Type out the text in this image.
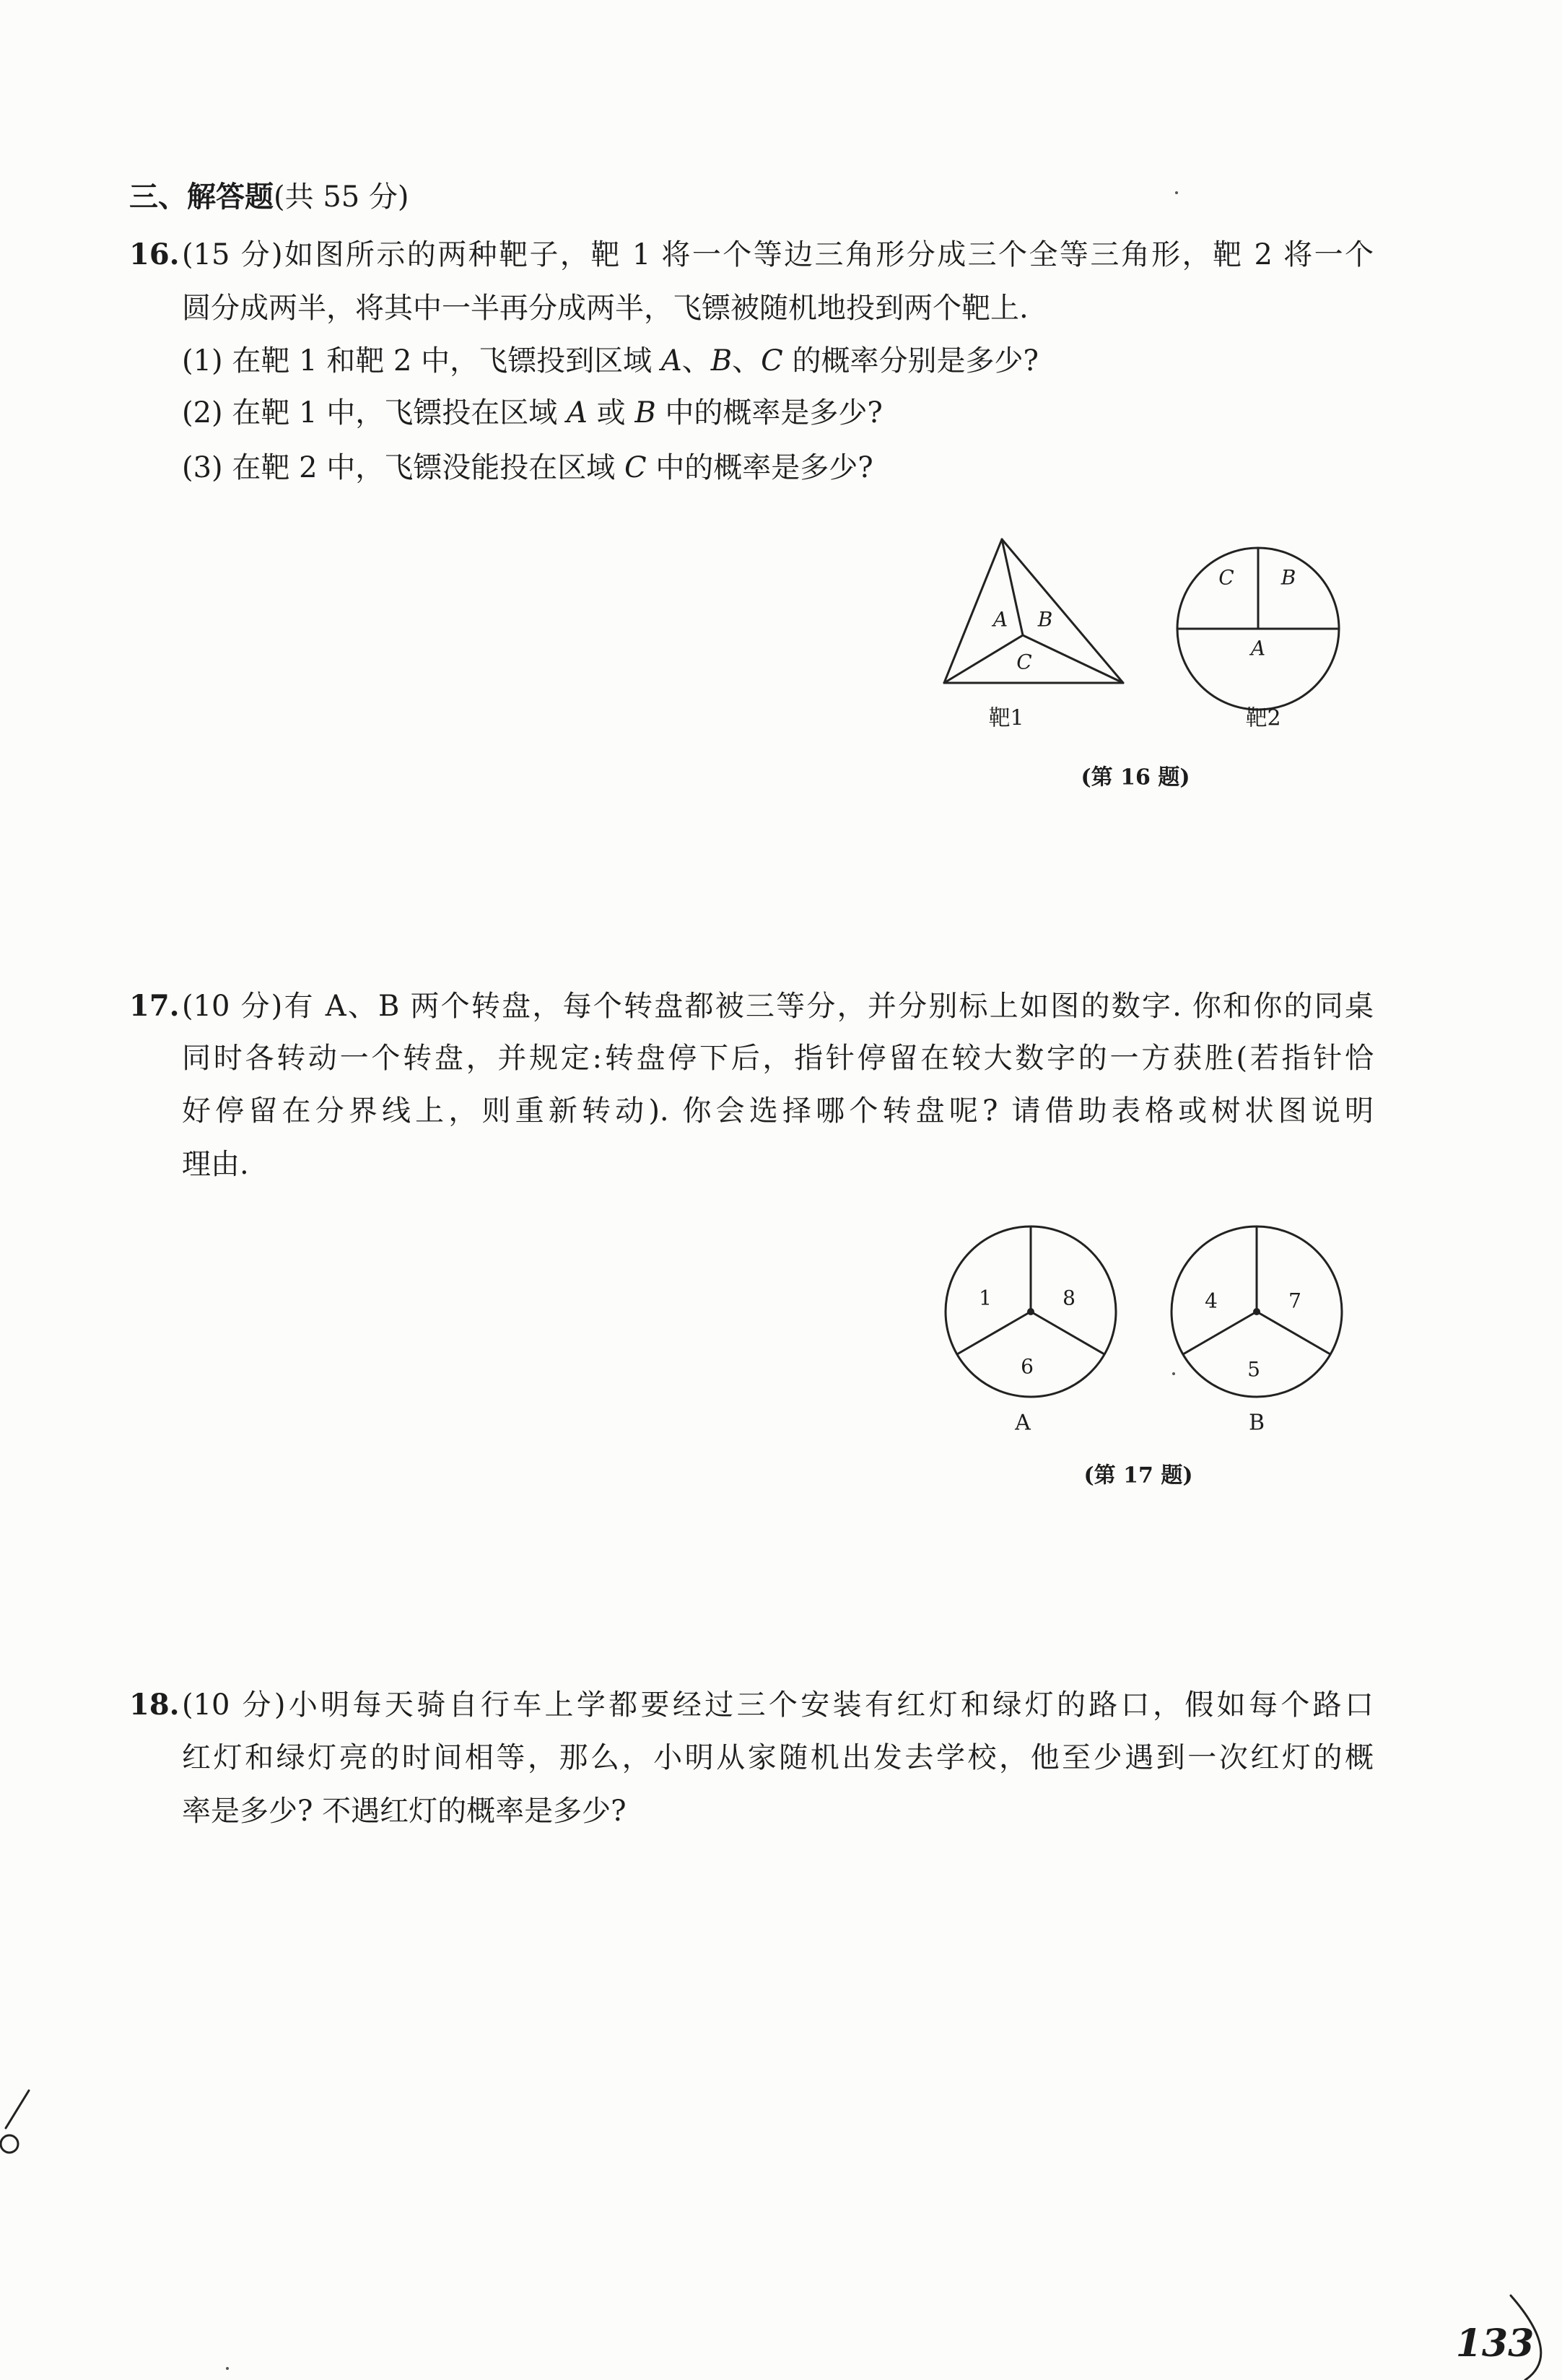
三、解答题(共 55 分)
16. (15 分)如图所示的两种靶子，靶 1 将一个等边三角形分成三个全等三角形，靶 2 将一个
圆分成两半，将其中一半再分成两半，飞镖被随机地投到两个靶上.
(1) 在靶 1 和靶 2 中，飞镖投到区域 A、B、C 的概率分别是多少?
(2) 在靶 1 中，飞镖投在区域 A 或 B 中的概率是多少?
(3) 在靶 2 中，飞镖没能投在区域 C 中的概率是多少?
A B
C
靶1
C B
A
靶2
(第 16 题)
17. (10 分)有 A、B 两个转盘，每个转盘都被三等分，并分别标上如图的数字. 你和你的同桌
同时各转动一个转盘，并规定:转盘停下后，指针停留在较大数字的一方获胜(若指针恰
好停留在分界线上，则重新转动). 你会选择哪个转盘呢? 请借助表格或树状图说明
理由.
1	8
6
A
4	7
5
B
(第 17 题)
18. (10 分)小明每天骑自行车上学都要经过三个安装有红灯和绿灯的路口，假如每个路口
红灯和绿灯亮的时间相等，那么，小明从家随机出发去学校，他至少遇到一次红灯的概
率是多少? 不遇红灯的概率是多少?
133
